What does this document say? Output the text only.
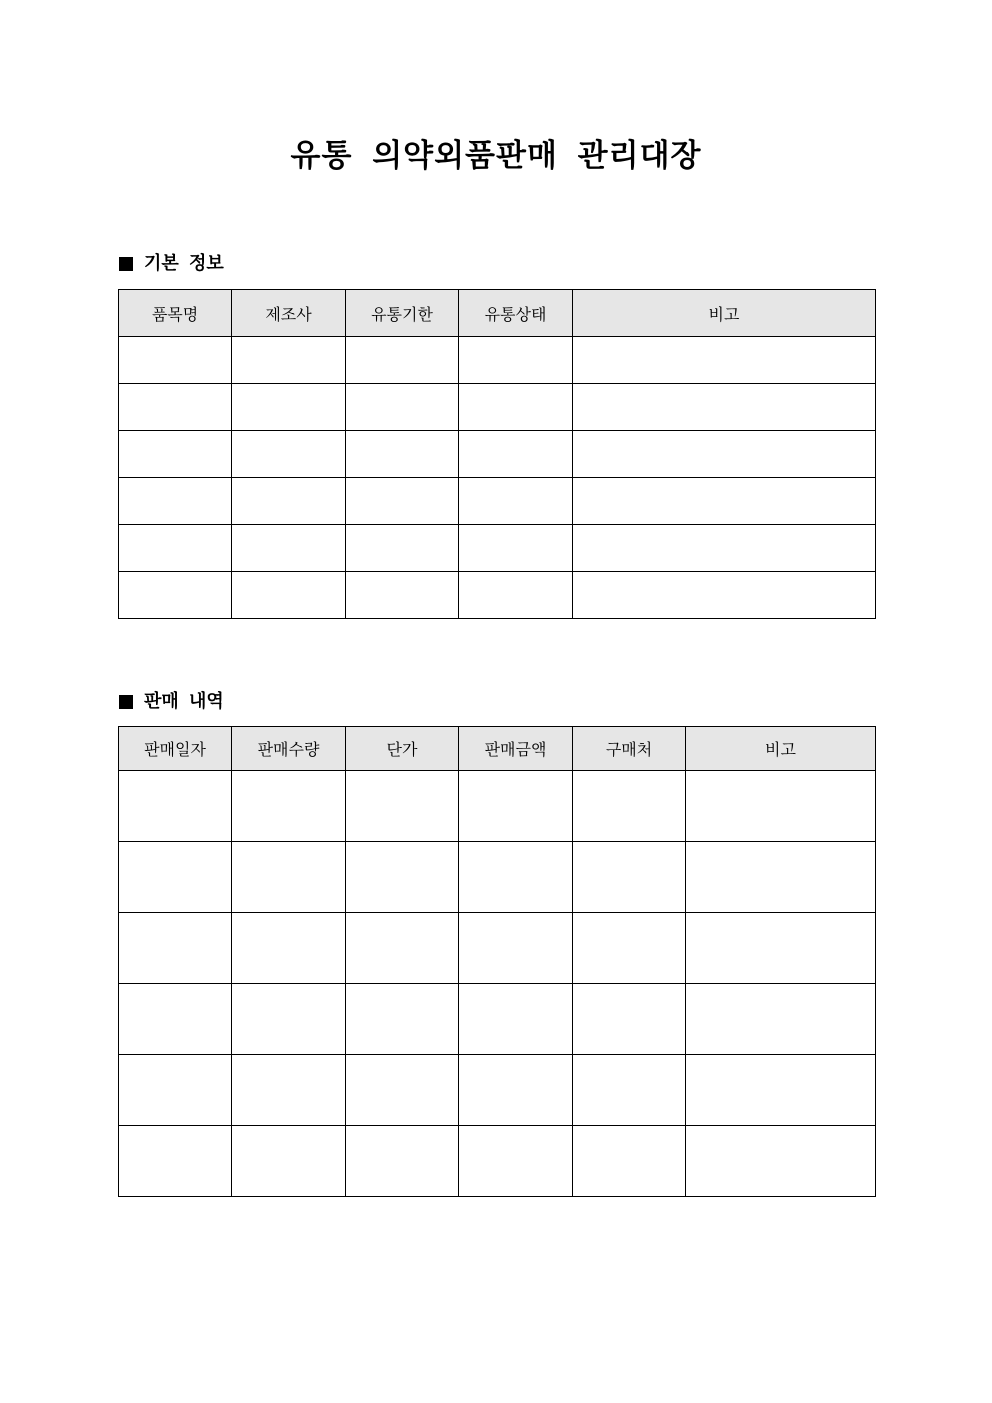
유통 의약외품판매 관리대장
기본 정보
품목명	제조사	유통기한	유통상태	비고

판매 내역
판매일자	판매수량	단가	판매금액	구매처	비고
